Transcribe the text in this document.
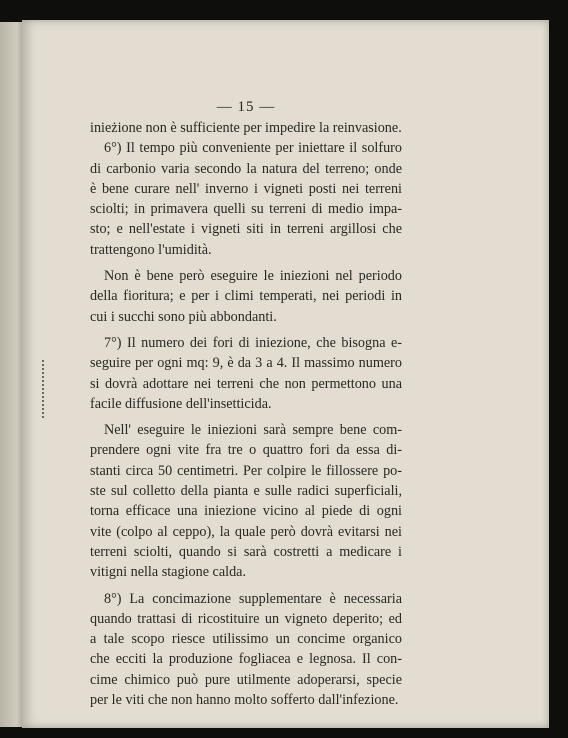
— 15 —
inieżione non è sufficiente per impedire la reinvasione.
6°) Il tempo più conveniente per iniettare il solfuro
di carbonio varia secondo la natura del terreno; onde
è bene curare nell' inverno i vigneti posti nei terreni
sciolti; in primavera quelli su terreni di medio impa-
sto; e nell'estate i vigneti siti in terreni argillosi che
trattengono l'umidità.
Non è bene però eseguire le iniezioni nel periodo
della fioritura; e per i climi temperati, nei periodi in
cui i succhi sono più abbondanti.
7°) Il numero dei fori di iniezione, che bisogna e-
seguire per ogni mq: 9, è da 3 a 4. Il massimo numero
si dovrà adottare nei terreni che non permettono una
facile diffusione dell'insetticida.
Nell' eseguire le iniezioni sarà sempre bene com-
prendere ogni vite fra tre o quattro fori da essa di-
stanti circa 50 centimetri. Per colpire le fillossere po-
ste sul colletto della pianta e sulle radici superficiali,
torna efficace una iniezione vicino al piede di ogni
vite (colpo al ceppo), la quale però dovrà evitarsi nei
terreni sciolti, quando si sarà costretti a medicare i
vitigni nella stagione calda.
8°) La concimazione supplementare è necessaria
quando trattasi di ricostituire un vigneto deperito; ed
a tale scopo riesce utilissimo un concime organico
che ecciti la produzione fogliacea e legnosa. Il con-
cime chimico può pure utilmente adoperarsi, specie
per le viti che non hanno molto sofferto dall'infezione.
